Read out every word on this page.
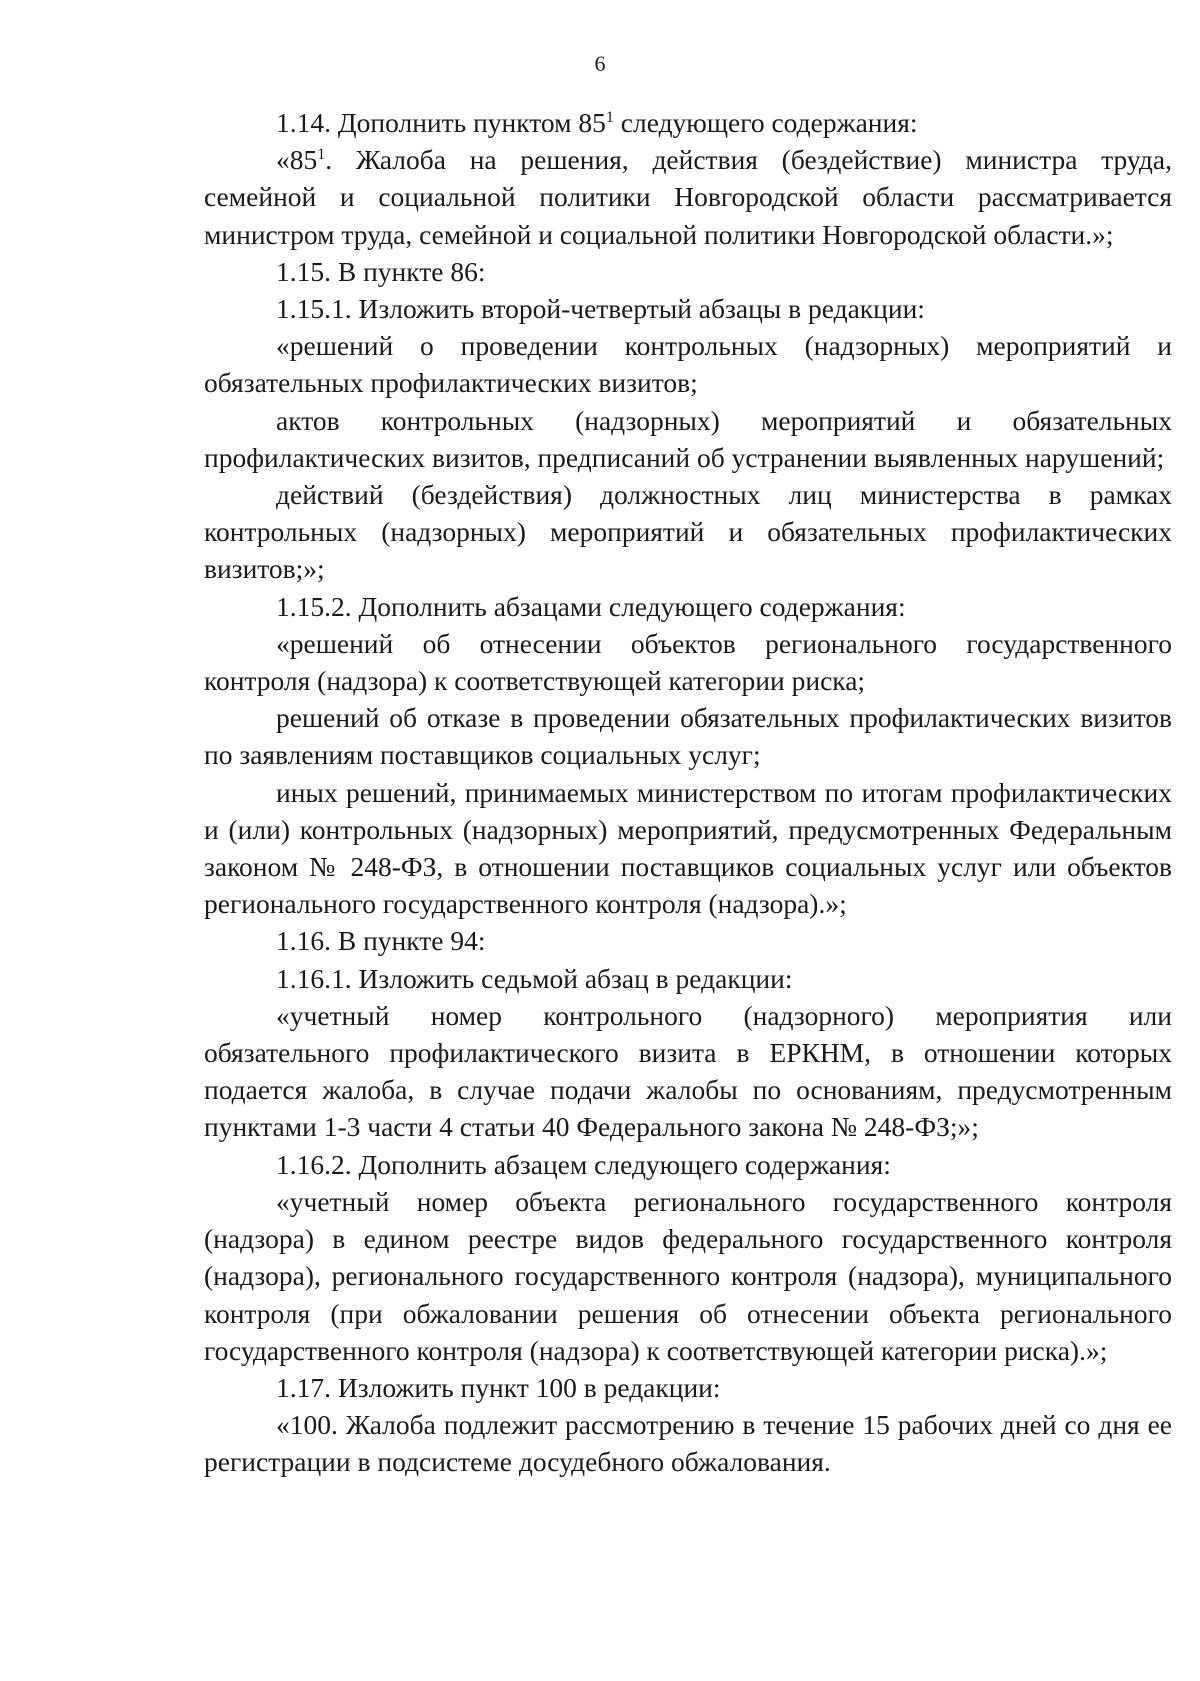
6

1.14. Дополнить пунктом $85^1$ следующего содержания:

«$85^1$. Жалоба на решения, действия (бездействие) министра труда, семейной и социальной политики Новгородской области рассматривается министром труда, семейной и социальной политики Новгородской области.»;

1.15. В пункте 86:

1.15.1. Изложить второй-четвертый абзацы в редакции:

«решений о проведении контрольных (надзорных) мероприятий и обязательных профилактических визитов;

актов контрольных (надзорных) мероприятий и обязательных профилактических визитов, предписаний об устранении выявленных нарушений;

действий (бездействия) должностных лиц министерства в рамках контрольных (надзорных) мероприятий и обязательных профилактических визитов;»;

1.15.2. Дополнить абзацами следующего содержания:

«решений об отнесении объектов регионального государственного контроля (надзора) к соответствующей категории риска;

решений об отказе в проведении обязательных профилактических визитов по заявлениям поставщиков социальных услуг;

иных решений, принимаемых министерством по итогам профилактических и (или) контрольных (надзорных) мероприятий, предусмотренных Федеральным законом № 248-ФЗ, в отношении поставщиков социальных услуг или объектов регионального государственного контроля (надзора).»;

1.16. В пункте 94:

1.16.1. Изложить седьмой абзац в редакции:

«учетный номер контрольного (надзорного) мероприятия или обязательного профилактического визита в ЕРКНМ, в отношении которых подается жалоба, в случае подачи жалобы по основаниям, предусмотренным пунктами 1-3 части 4 статьи 40 Федерального закона № 248-ФЗ;»;

1.16.2. Дополнить абзацем следующего содержания:

«учетный номер объекта регионального государственного контроля (надзора) в едином реестре видов федерального государственного контроля (надзора), регионального государственного контроля (надзора), муниципального контроля (при обжаловании решения об отнесении объекта регионального государственного контроля (надзора) к соответствующей категории риска).»;

1.17. Изложить пункт 100 в редакции:

«100. Жалоба подлежит рассмотрению в течение 15 рабочих дней со дня ее регистрации в подсистеме досудебного обжалования.
